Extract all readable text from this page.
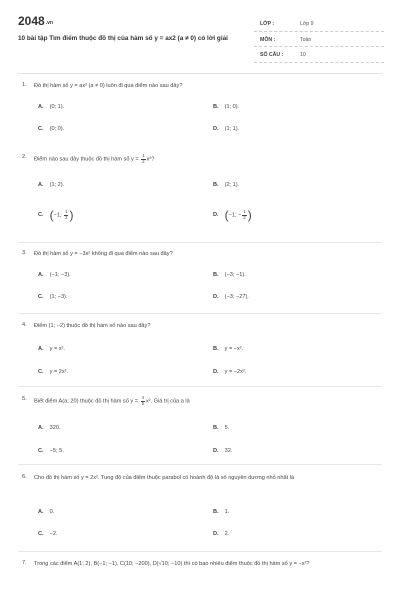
2048.vn
10 bài tập Tìm điểm thuộc đồ thị của hàm số y = ax2 (a ≠ 0) có lời giải
LỚP :	Lớp 9
MÔN :	Toán
SỐ CÂU :	10
1. Đồ thị hàm số y = ax² (a ≠ 0) luôn đi qua điểm nào sau đây?
A. (0; 1).	B. (1; 0).
C. (0; 0).	D. (1; 1).
2. Điểm nào sau đây thuộc đồ thị hàm số $y = \frac{1}{2} x^2$?
A. (1; 2).	B. (2; 1).
C. (−1; $\frac{1}{2}$ )	D. (−1; − $\frac{1}{2}$ )
3. Đồ thị hàm số y = −3x² không đi qua điểm nào sau đây?
A. (−1; −3).	B. (−3; −1).
C. (1; −3).	D. (−3; −27).
4. Điểm (1; −2) thuộc đồ thị hàm số nào sau đây?
A. y = x².	B. y = −x².
C. y = 2x².	D. y = −2x².
5. Biết điểm A(a; 20) thuộc đồ thị hàm số $y = \frac{4}{5} x^2$. Giá trị của a là
A. 320.	B. 5.
C. −5; 5.	D. 32.
6. Cho đồ thị hàm số y = 2x². Tung độ của điểm thuộc parabol có hoành độ là số nguyên dương nhỏ nhất là
A. 0.	B. 1.
C. −2.	D. 2.
7. Trong các điểm A(1; 2), B(−1; −1), C(10; −200), D(√10; −10) thì có bao nhiêu điểm thuộc đồ thị hàm số y = −x²?
